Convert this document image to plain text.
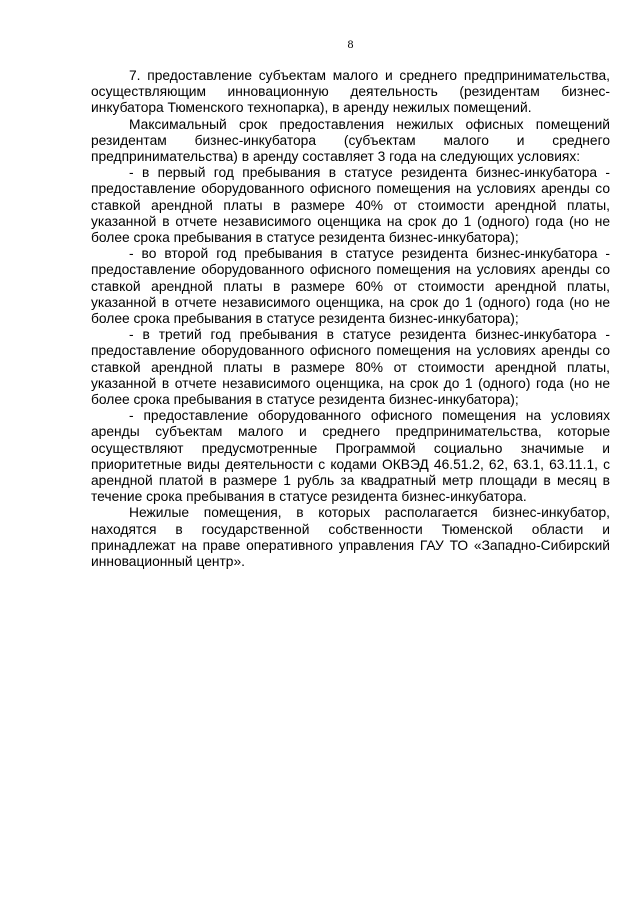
8
7. предоставление субъектам малого и среднего предпринимательства,
осуществляющим инновационную деятельность (резидентам бизнес-
инкубатора Тюменского технопарка), в аренду нежилых помещений.
Максимальный срок предоставления нежилых офисных помещений
резидентам бизнес-инкубатора (субъектам малого и среднего
предпринимательства) в аренду составляет 3 года на следующих условиях:
- в первый год пребывания в статусе резидента бизнес-инкубатора -
предоставление оборудованного офисного помещения на условиях аренды со
ставкой арендной платы в размере 40% от стоимости арендной платы,
указанной в отчете независимого оценщика на срок до 1 (одного) года (но не
более срока пребывания в статусе резидента бизнес-инкубатора);
- во второй год пребывания в статусе резидента бизнес-инкубатора -
предоставление оборудованного офисного помещения на условиях аренды со
ставкой арендной платы в размере 60% от стоимости арендной платы,
указанной в отчете независимого оценщика, на срок до 1 (одного) года (но не
более срока пребывания в статусе резидента бизнес-инкубатора);
- в третий год пребывания в статусе резидента бизнес-инкубатора -
предоставление оборудованного офисного помещения на условиях аренды со
ставкой арендной платы в размере 80% от стоимости арендной платы,
указанной в отчете независимого оценщика, на срок до 1 (одного) года (но не
более срока пребывания в статусе резидента бизнес-инкубатора);
- предоставление оборудованного офисного помещения на условиях
аренды субъектам малого и среднего предпринимательства, которые
осуществляют предусмотренные Программой социально значимые и
приоритетные виды деятельности с кодами ОКВЭД 46.51.2, 62, 63.1, 63.11.1, с
арендной платой в размере 1 рубль за квадратный метр площади в месяц в
течение срока пребывания в статусе резидента бизнес-инкубатора.
Нежилые помещения, в которых располагается бизнес-инкубатор,
находятся в государственной собственности Тюменской области и
принадлежат на праве оперативного управления ГАУ ТО «Западно-Сибирский
инновационный центр».
